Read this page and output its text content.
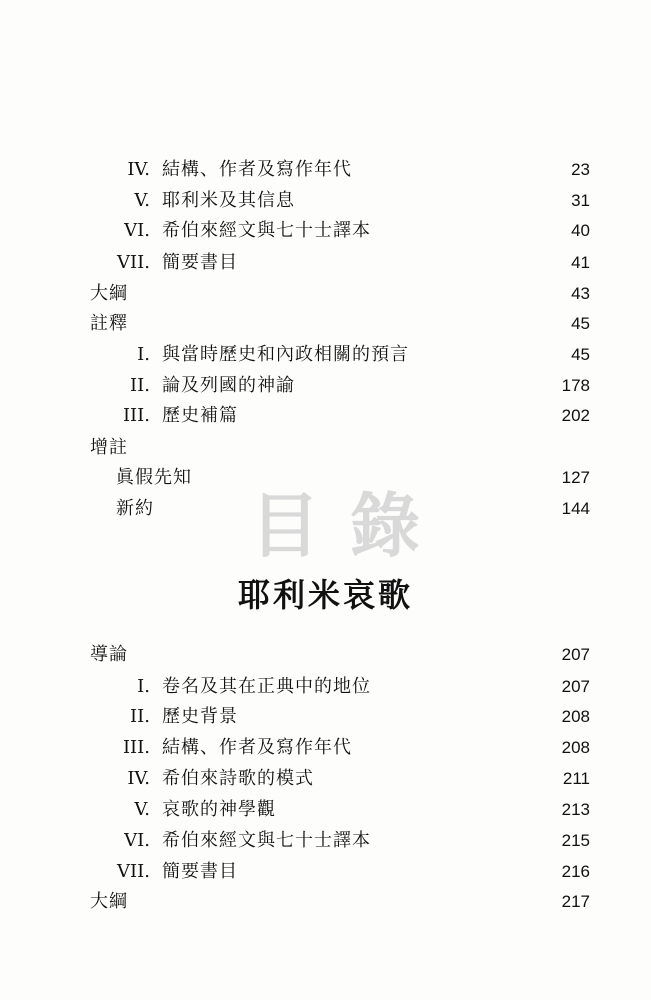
目錄
IV. 結構、作者及寫作年代	23
V. 耶利米及其信息	31
VI. 希伯來經文與七十士譯本	40
VII. 簡要書目	41
大綱	43
註釋	45
I. 與當時歷史和內政相關的預言	45
II. 論及列國的神諭	178
III. 歷史補篇	202
增註
眞假先知	127
新約	144
耶利米哀歌
導論	207
I. 卷名及其在正典中的地位	207
II. 歷史背景	208
III. 結構、作者及寫作年代	208
IV. 希伯來詩歌的模式	211
V. 哀歌的神學觀	213
VI. 希伯來經文與七十士譯本	215
VII. 簡要書目	216
大綱	217
